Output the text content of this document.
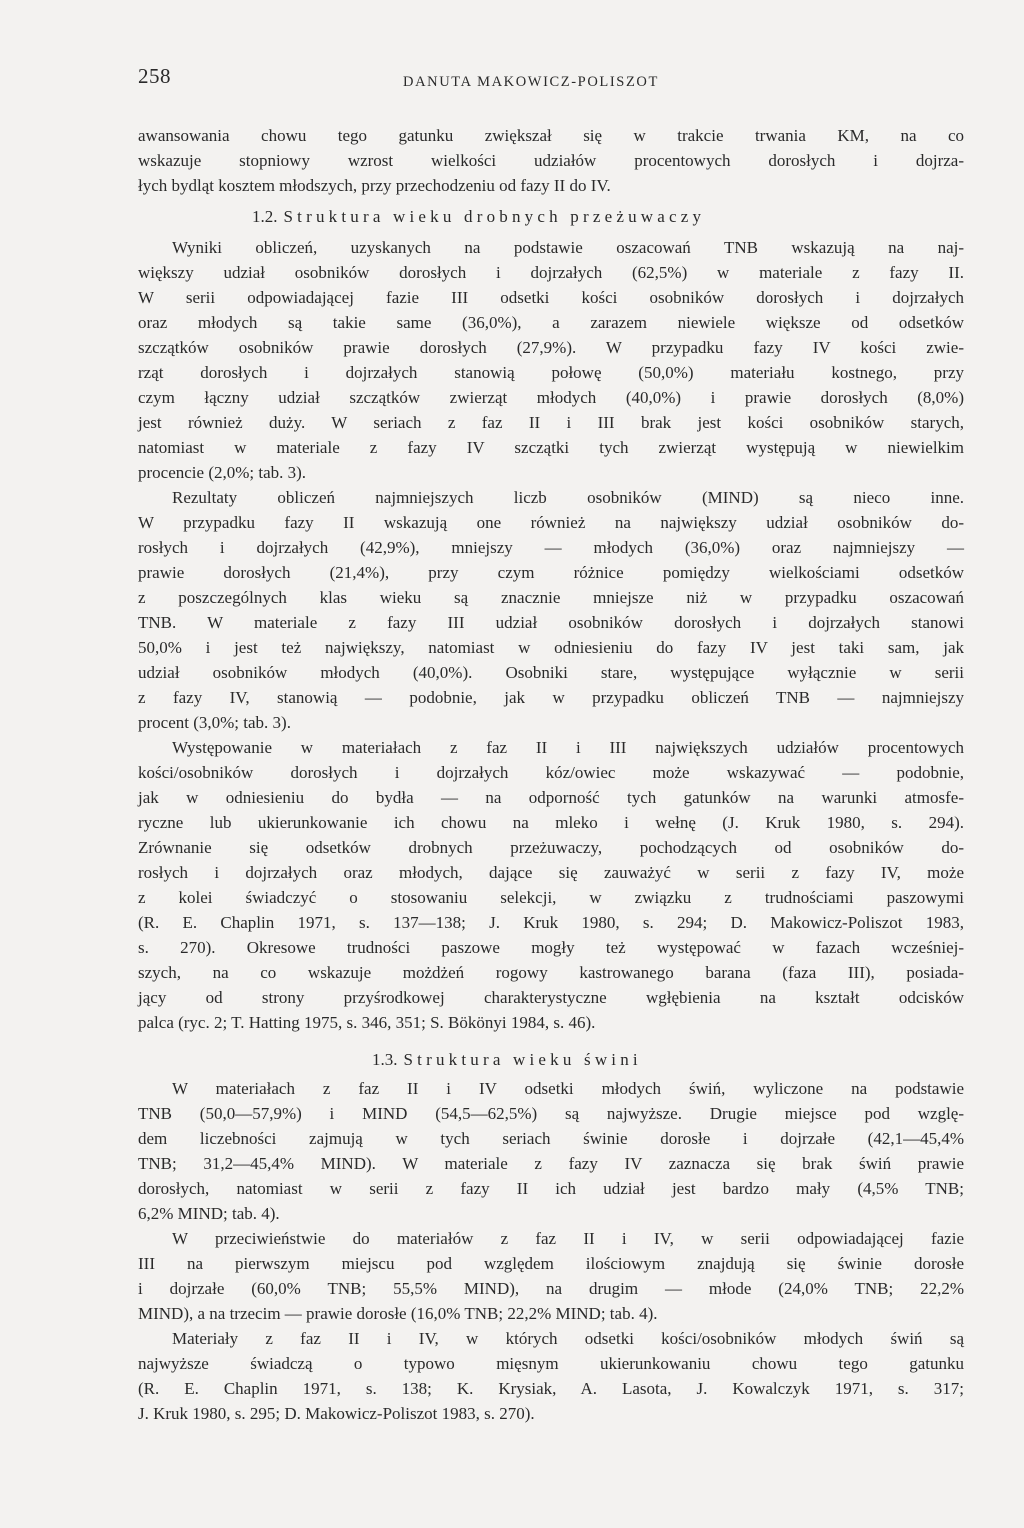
258	DANUTA MAKOWICZ-POLISZOT
awansowania chowu tego gatunku zwiększał się w trakcie trwania KM, na co
wskazuje stopniowy wzrost wielkości udziałów procentowych dorosłych i dojrza-
łych bydląt kosztem młodszych, przy przechodzeniu od fazy II do IV.
1.2. Struktura wieku drobnych przeżuwaczy
Wyniki obliczeń, uzyskanych na podstawie oszacowań TNB wskazują na naj-
większy udział osobników dorosłych i dojrzałych (62,5%) w materiale z fazy II.
W serii odpowiadającej fazie III odsetki kości osobników dorosłych i dojrzałych
oraz młodych są takie same (36,0%), a zarazem niewiele większe od odsetków
szczątków osobników prawie dorosłych (27,9%). W przypadku fazy IV kości zwie-
rząt dorosłych i dojrzałych stanowią połowę (50,0%) materiału kostnego, przy
czym łączny udział szczątków zwierząt młodych (40,0%) i prawie dorosłych (8,0%)
jest również duży. W seriach z faz II i III brak jest kości osobników starych,
natomiast w materiale z fazy IV szczątki tych zwierząt występują w niewielkim
procencie (2,0%; tab. 3).
Rezultaty obliczeń najmniejszych liczb osobników (MIND) są nieco inne.
W przypadku fazy II wskazują one również na największy udział osobników do-
rosłych i dojrzałych (42,9%), mniejszy — młodych (36,0%) oraz najmniejszy —
prawie dorosłych (21,4%), przy czym różnice pomiędzy wielkościami odsetków
z poszczególnych klas wieku są znacznie mniejsze niż w przypadku oszacowań
TNB. W materiale z fazy III udział osobników dorosłych i dojrzałych stanowi
50,0% i jest też największy, natomiast w odniesieniu do fazy IV jest taki sam, jak
udział osobników młodych (40,0%). Osobniki stare, występujące wyłącznie w serii
z fazy IV, stanowią — podobnie, jak w przypadku obliczeń TNB — najmniejszy
procent (3,0%; tab. 3).
Występowanie w materiałach z faz II i III największych udziałów procentowych
kości/osobników dorosłych i dojrzałych kóz/owiec może wskazywać — podobnie,
jak w odniesieniu do bydła — na odporność tych gatunków na warunki atmosfe-
ryczne lub ukierunkowanie ich chowu na mleko i wełnę (J. Kruk 1980, s. 294).
Zrównanie się odsetków drobnych przeżuwaczy, pochodzących od osobników do-
rosłych i dojrzałych oraz młodych, dające się zauważyć w serii z fazy IV, może
z kolei świadczyć o stosowaniu selekcji, w związku z trudnościami paszowymi
(R. E. Chaplin 1971, s. 137—138; J. Kruk 1980, s. 294; D. Makowicz-Poliszot 1983,
s. 270). Okresowe trudności paszowe mogły też występować w fazach wcześniej-
szych, na co wskazuje możdżeń rogowy kastrowanego barana (faza III), posiada-
jący od strony przyśrodkowej charakterystyczne wgłębienia na kształt odcisków
palca (ryc. 2; T. Hatting 1975, s. 346, 351; S. Bökönyi 1984, s. 46).
1.3. Struktura wieku świni
W materiałach z faz II i IV odsetki młodych świń, wyliczone na podstawie
TNB (50,0—57,9%) i MIND (54,5—62,5%) są najwyższe. Drugie miejsce pod wzglę-
dem liczebności zajmują w tych seriach świnie dorosłe i dojrzałe (42,1—45,4%
TNB; 31,2—45,4% MIND). W materiale z fazy IV zaznacza się brak świń prawie
dorosłych, natomiast w serii z fazy II ich udział jest bardzo mały (4,5% TNB;
6,2% MIND; tab. 4).
W przeciwieństwie do materiałów z faz II i IV, w serii odpowiadającej fazie
III na pierwszym miejscu pod względem ilościowym znajdują się świnie dorosłe
i dojrzałe (60,0% TNB; 55,5% MIND), na drugim — młode (24,0% TNB; 22,2%
MIND), a na trzecim — prawie dorosłe (16,0% TNB; 22,2% MIND; tab. 4).
Materiały z faz II i IV, w których odsetki kości/osobników młodych świń są
najwyższe świadczą o typowo mięsnym ukierunkowaniu chowu tego gatunku
(R. E. Chaplin 1971, s. 138; K. Krysiak, A. Lasota, J. Kowalczyk 1971, s. 317;
J. Kruk 1980, s. 295; D. Makowicz-Poliszot 1983, s. 270).
